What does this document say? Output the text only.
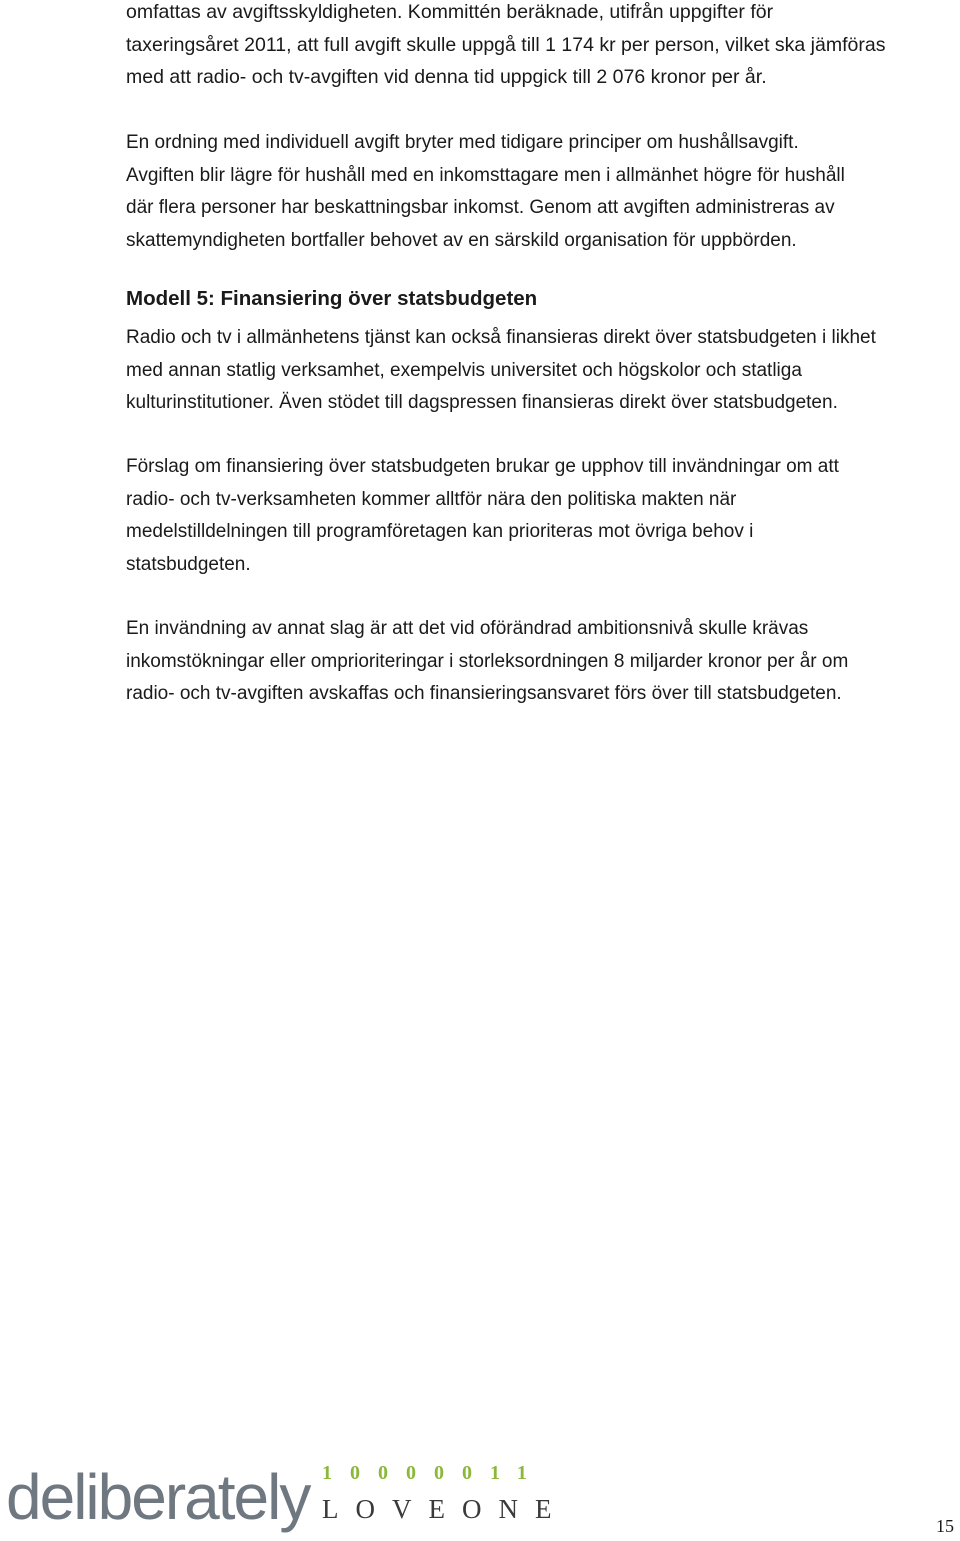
omfattas av avgiftsskyldigheten. Kommittén beräknade, utifrån uppgifter för
taxeringsåret 2011, att full avgift skulle uppgå till 1 174 kr per person, vilket ska jämföras
med att radio- och tv-avgiften vid denna tid uppgick till 2 076 kronor per år.

En ordning med individuell avgift bryter med tidigare principer om hushållsavgift.
Avgiften blir lägre för hushåll med en inkomsttagare men i allmänhet högre för hushåll
där flera personer har beskattningsbar inkomst. Genom att avgiften administreras av
skattemyndigheten bortfaller behovet av en särskild organisation för uppbörden.

Modell 5: Finansiering över statsbudgeten

Radio och tv i allmänhetens tjänst kan också finansieras direkt över statsbudgeten i likhet
med annan statlig verksamhet, exempelvis universitet och högskolor och statliga
kulturinstitutioner. Även stödet till dagspressen finansieras direkt över statsbudgeten.

Förslag om finansiering över statsbudgeten brukar ge upphov till invändningar om att
radio- och tv-verksamheten kommer alltför nära den politiska makten när
medelstilldelningen till programföretagen kan prioriteras mot övriga behov i
statsbudgeten.

En invändning av annat slag är att det vid oförändrad ambitionsnivå skulle krävas
inkomstökningar eller omprioriteringar i storleksordningen 8 miljarder kronor per år om
radio- och tv-avgiften avskaffas och finansieringsansvaret förs över till statsbudgeten.

deliberately 10000011
LOVEONE
15
